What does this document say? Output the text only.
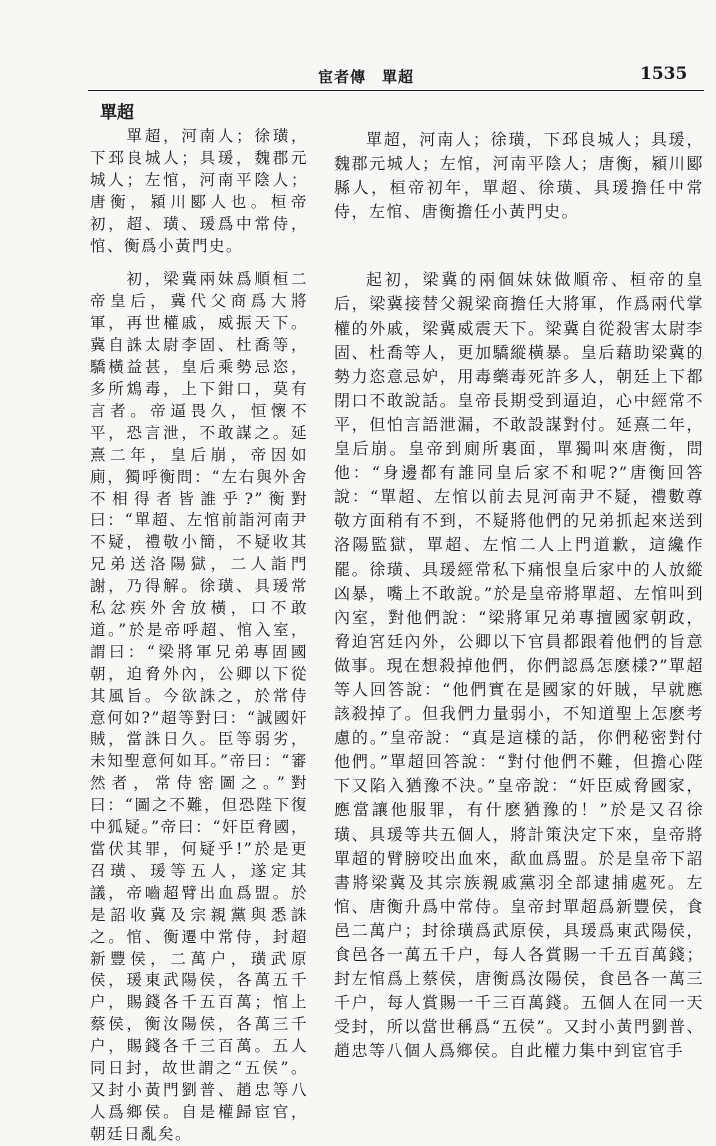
宦者傳　單超	1535
單超

　　單超，河南人；徐璜，下邳良城人；具瑗，魏郡元城人；左悺，河南平陰人；唐衡，潁川郾人也。桓帝初，超、璜、瑗爲中常侍，悺、衡爲小黃門史。

　　初，梁冀兩妹爲順桓二帝皇后，冀代父商爲大將軍，再世權戚，威振天下。冀自誅太尉李固、杜喬等，驕橫益甚，皇后乘勢忌恣，多所鴆毒，上下鉗口，莫有言者。帝逼畏久，恒懷不平，恐言泄，不敢謀之。延熹二年，皇后崩，帝因如廁，獨呼衡問：“左右與外舍不相得者皆誰乎?”衡對曰：“單超、左悺前詣河南尹不疑，禮敬小簡，不疑收其兄弟送洛陽獄，二人詣門謝，乃得解。徐璜、具瑗常私忿疾外舍放橫，口不敢道。”於是帝呼超、悺入室，謂曰：“梁將軍兄弟專固國朝，迫脅外內，公卿以下從其風旨。今欲誅之，於常侍意何如?”超等對曰：“誠國奸賊，當誅日久。臣等弱劣，未知聖意何如耳。”帝曰：“審然者，常侍密圖之。”對曰：“圖之不難，但恐陛下復中狐疑。”帝曰：“奸臣脅國，當伏其罪，何疑乎!”於是更召璜、瑗等五人，遂定其議，帝嚙超臂出血爲盟。於是詔收冀及宗親黨與悉誅之。悺、衡遷中常侍，封超新豐侯，二萬户，璜武原侯，瑗東武陽侯，各萬五千户，賜錢各千五百萬；悺上蔡侯，衡汝陽侯，各萬三千户，賜錢各千三百萬。五人同日封，故世謂之“五侯”。又封小黃門劉普、趙忠等八人爲鄉侯。自是權歸宦官，朝廷日亂矣。

單超，河南人；徐璜，下邳良城人；具瑗，魏郡元城人；左悺，河南平陰人；唐衡，潁川郾縣人，桓帝初年，單超、徐璜、具瑗擔任中常侍，左悺、唐衡擔任小黃門史。

起初，梁冀的兩個妹妹做順帝、桓帝的皇后，梁冀接替父親梁商擔任大將軍，作爲兩代掌權的外戚，梁冀威震天下。梁冀自從殺害太尉李固、杜喬等人，更加驕縱橫暴。皇后藉助梁冀的勢力恣意忌妒，用毒藥毒死許多人，朝廷上下都閉口不敢說話。皇帝長期受到逼迫，心中經常不平，但怕言語泄漏，不敢設謀對付。延熹二年，皇后崩。皇帝到廁所裏面，單獨叫來唐衡，問他：“身邊都有誰同皇后家不和呢?”唐衡回答說：“單超、左悺以前去見河南尹不疑，禮數尊敬方面稍有不到，不疑將他們的兄弟抓起來送到洛陽監獄，單超、左悺二人上門道歉，這纔作罷。徐璜、具瑗經常私下痛恨皇后家中的人放縱凶暴，嘴上不敢說。”於是皇帝將單超、左悺叫到內室，對他們說：“梁將軍兄弟專擅國家朝政，脅迫宮廷內外，公卿以下官員都跟着他們的旨意做事。現在想殺掉他們，你們認爲怎麽樣?”單超等人回答說：“他們實在是國家的奸賊，早就應該殺掉了。但我們力量弱小，不知道聖上怎麽考慮的。”皇帝說：“真是這樣的話，你們秘密對付他們。”單超回答說：“對付他們不難，但擔心陛下又陷入猶豫不決。”皇帝說：“奸臣威脅國家，應當讓他服罪，有什麽猶豫的！”於是又召徐璜、具瑗等共五個人，將計策決定下來，皇帝將單超的臂膀咬出血來，歃血爲盟。於是皇帝下詔書將梁冀及其宗族親戚黨羽全部逮捕處死。左悺、唐衡升爲中常侍。皇帝封單超爲新豐侯，食邑二萬户；封徐璜爲武原侯，具瑗爲東武陽侯，食邑各一萬五千户，每人各賞賜一千五百萬錢；封左悺爲上蔡侯，唐衡爲汝陽侯，食邑各一萬三千户，每人賞賜一千三百萬錢。五個人在同一天受封，所以當世稱爲“五侯”。又封小黃門劉普、趙忠等八個人爲鄉侯。自此權力集中到宦官手
